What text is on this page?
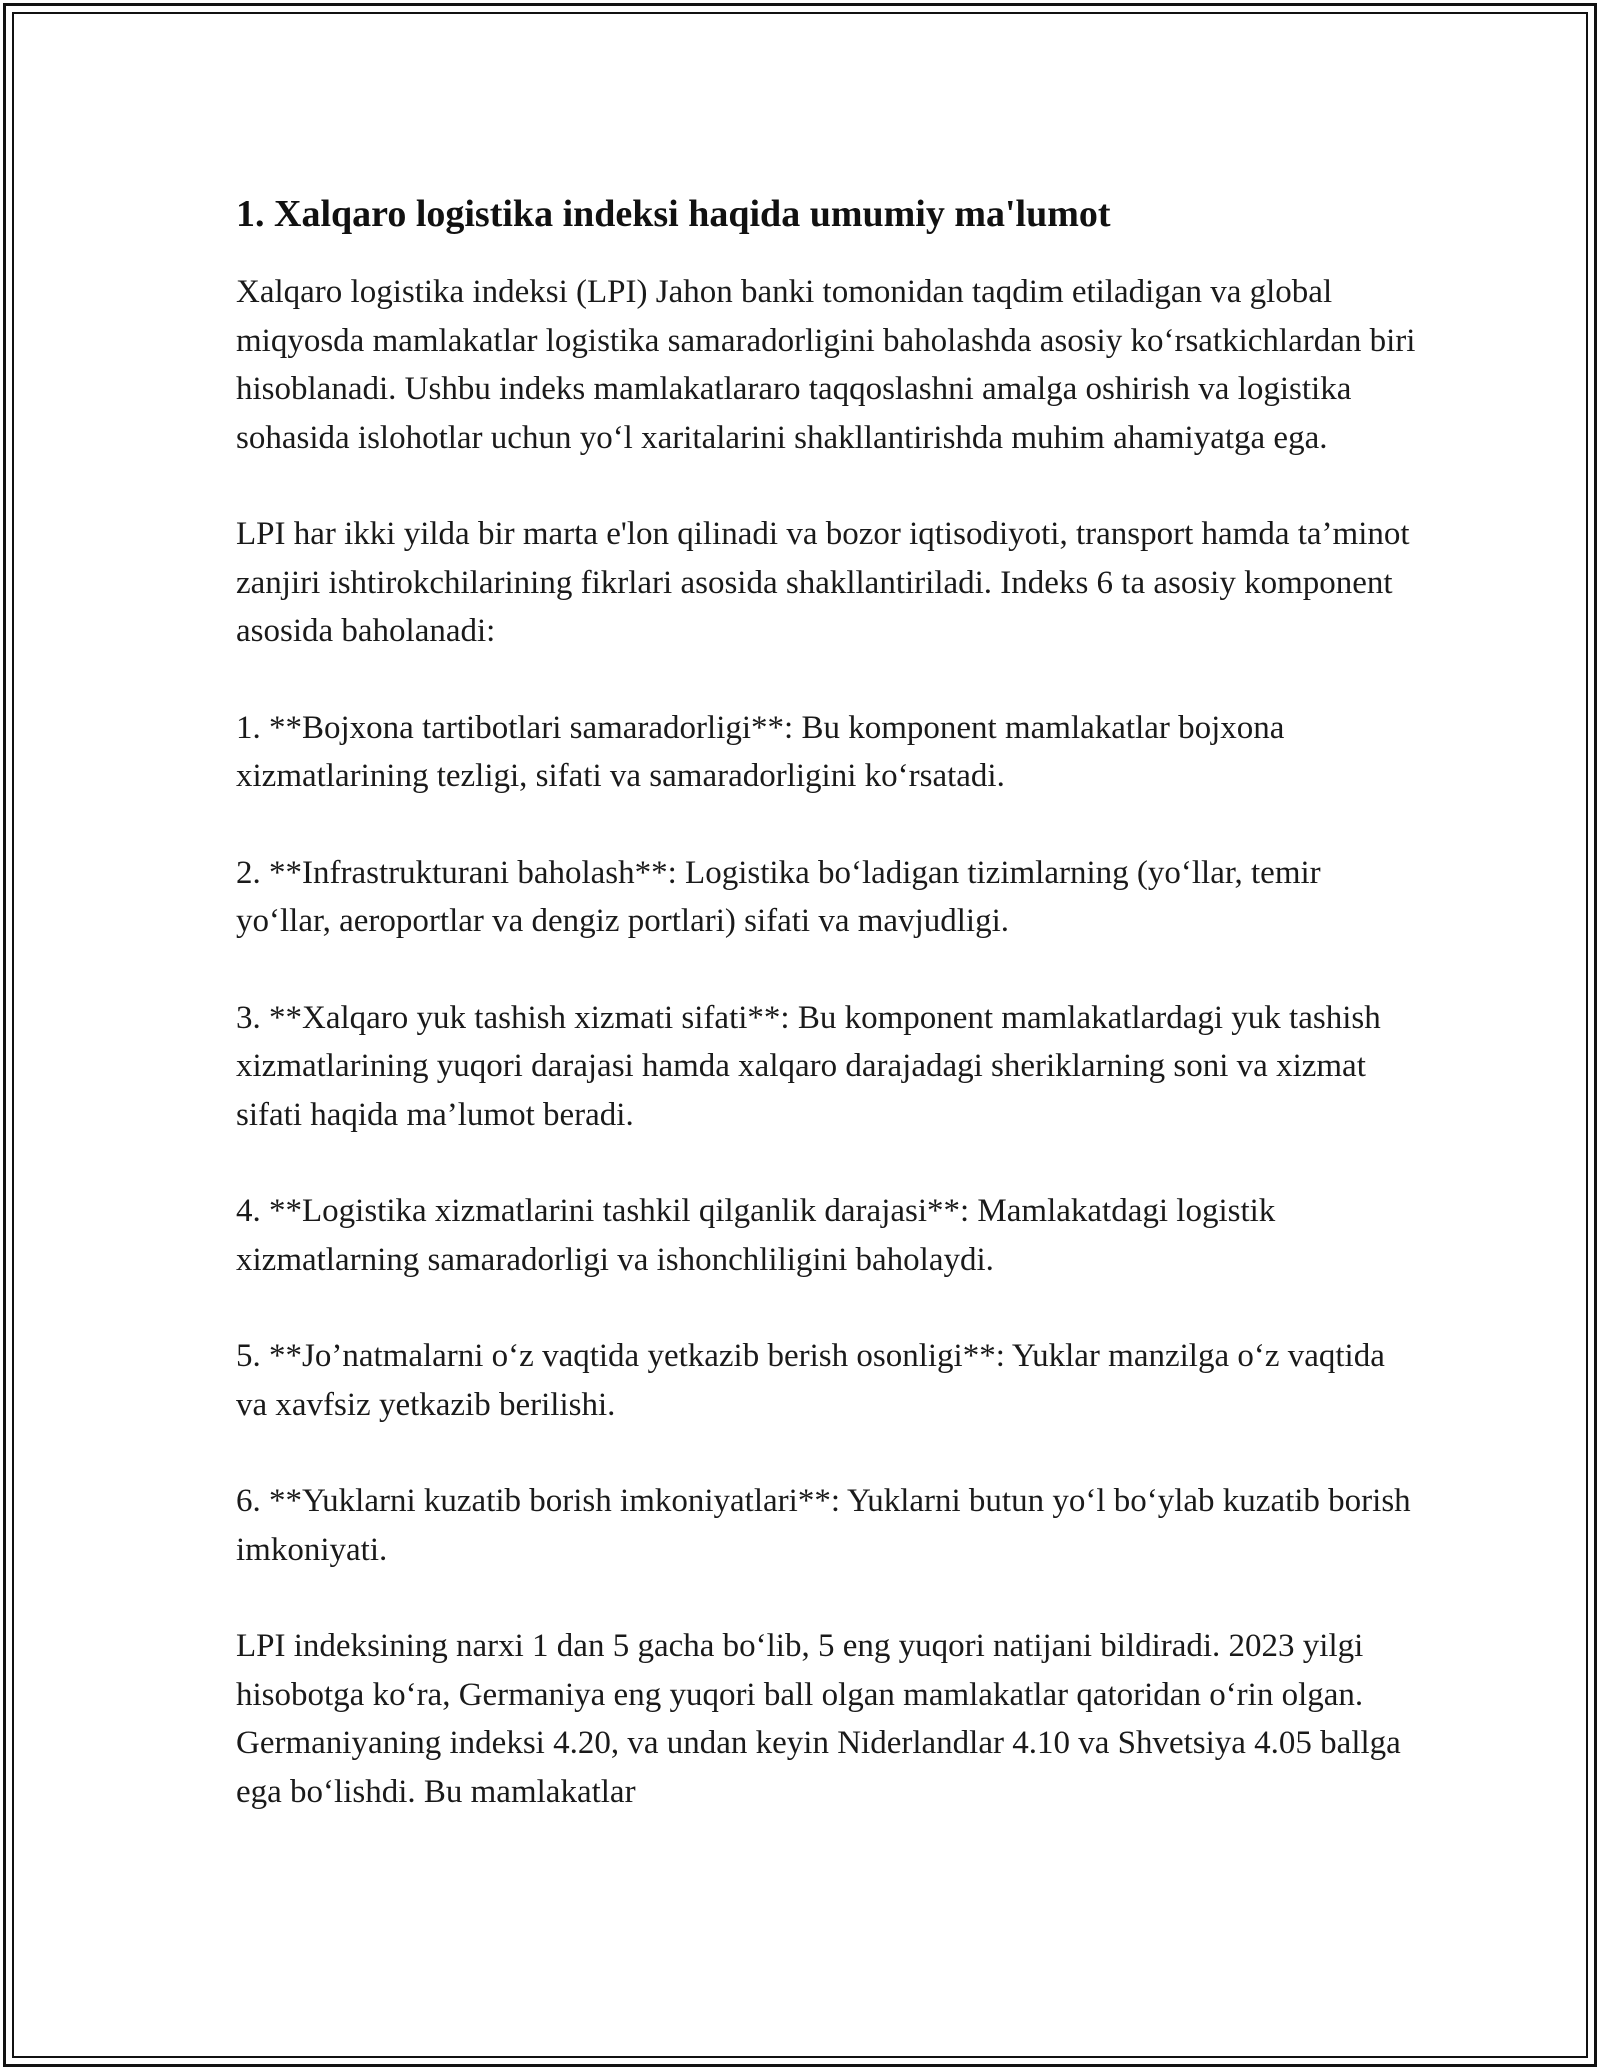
1. Xalqaro logistika indeksi haqida umumiy ma'lumot

Xalqaro logistika indeksi (LPI) Jahon banki tomonidan taqdim etiladigan va global miqyosda mamlakatlar logistika samaradorligini baholashda asosiy ko‘rsatkichlardan biri hisoblanadi. Ushbu indeks mamlakatlararo taqqoslashni amalga oshirish va logistika sohasida islohotlar uchun yo‘l xaritalarini shakllantirishda muhim ahamiyatga ega.

LPI har ikki yilda bir marta e'lon qilinadi va bozor iqtisodiyoti, transport hamda ta’minot zanjiri ishtirokchilarining fikrlari asosida shakllantiriladi. Indeks 6 ta asosiy komponent asosida baholanadi:

1. **Bojxona tartibotlari samaradorligi**: Bu komponent mamlakatlar bojxona xizmatlarining tezligi, sifati va samaradorligini ko‘rsatadi.

2. **Infrastrukturani baholash**: Logistika bo‘ladigan tizimlarning (yo‘llar, temir yo‘llar, aeroportlar va dengiz portlari) sifati va mavjudligi.

3. **Xalqaro yuk tashish xizmati sifati**: Bu komponent mamlakatlardagi yuk tashish xizmatlarining yuqori darajasi hamda xalqaro darajadagi sheriklarning soni va xizmat sifati haqida ma’lumot beradi.

4. **Logistika xizmatlarini tashkil qilganlik darajasi**: Mamlakatdagi logistik xizmatlarning samaradorligi va ishonchliligini baholaydi.

5. **Jo’natmalarni o‘z vaqtida yetkazib berish osonligi**: Yuklar manzilga o‘z vaqtida va xavfsiz yetkazib berilishi.

6. **Yuklarni kuzatib borish imkoniyatlari**: Yuklarni butun yo‘l bo‘ylab kuzatib borish imkoniyati.

LPI indeksining narxi 1 dan 5 gacha bo‘lib, 5 eng yuqori natijani bildiradi. 2023 yilgi hisobotga ko‘ra, Germaniya eng yuqori ball olgan mamlakatlar qatoridan o‘rin olgan. Germaniyaning indeksi 4.20, va undan keyin Niderlandlar 4.10 va Shvetsiya 4.05 ballga ega bo‘lishdi. Bu mamlakatlar
